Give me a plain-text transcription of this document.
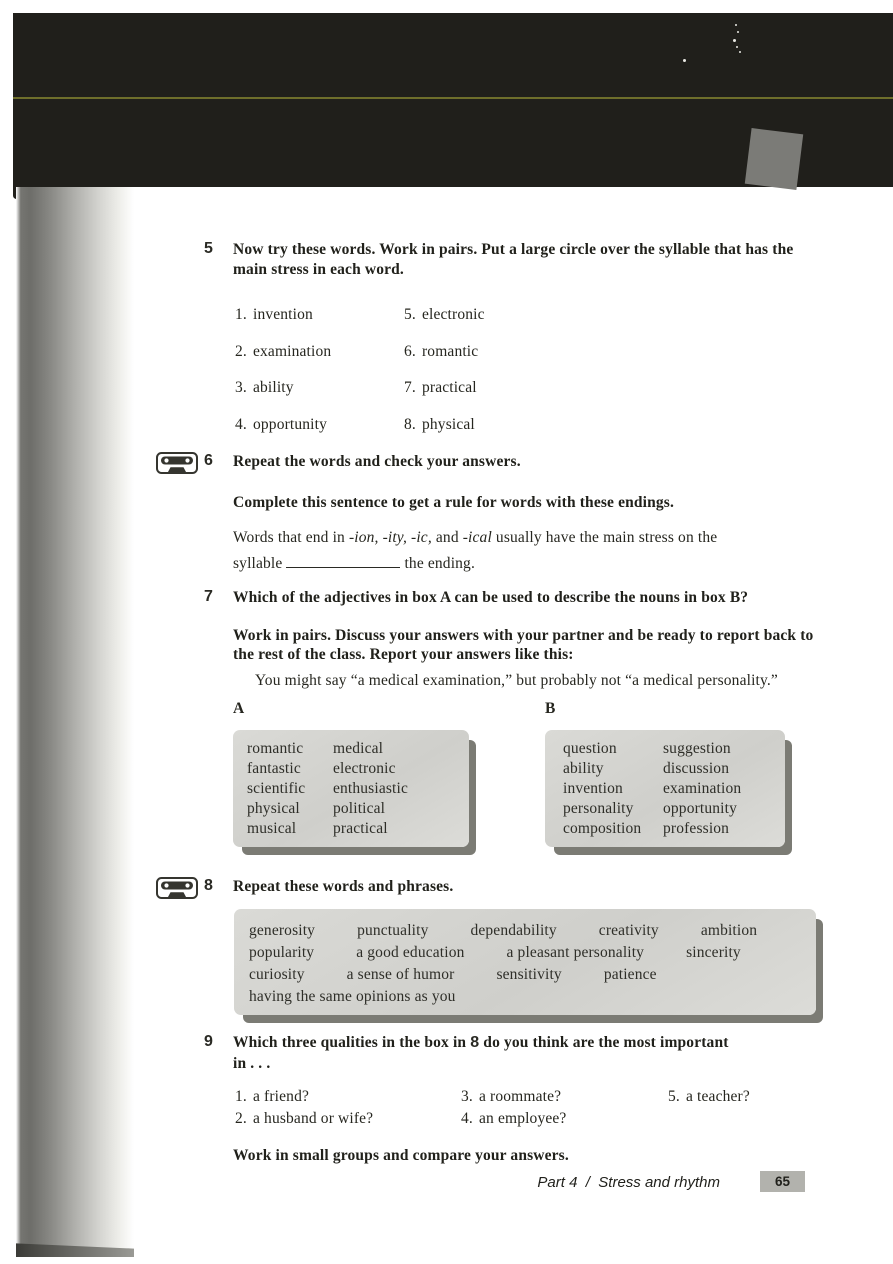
5 Now try these words. Work in pairs. Put a large circle over the syllable that has the main stress in each word.
1. invention
2. examination
3. ability
4. opportunity
5. electronic
6. romantic
7. practical
8. physical
6 Repeat the words and check your answers.
Complete this sentence to get a rule for words with these endings.
Words that end in -ion, -ity, -ic, and -ical usually have the main stress on the
syllable	the ending.
7 Which of the adjectives in box A can be used to describe the nouns in box B?
Work in pairs. Discuss your answers with your partner and be ready to report back to the rest of the class. Report your answers like this:
You might say “a medical examination,” but probably not “a medical personality.”
A	B
romantic	medical
fantastic	electronic
scientific	enthusiastic
physical	political
musical	practical
question	suggestion
ability	discussion
invention	examination
personality	opportunity
composition	profession
8 Repeat these words and phrases.
generosity	punctuality	dependability	creativity	ambition
popularity	a good education	a pleasant personality	sincerity
curiosity	a sense of humor	sensitivity	patience
having the same opinions as you
9 Which three qualities in the box in 8 do you think are the most important
in . . .
1. a friend?	3. a roommate?	5. a teacher?
2. a husband or wife?	4. an employee?
Work in small groups and compare your answers.
Part 4  /  Stress and rhythm	65
